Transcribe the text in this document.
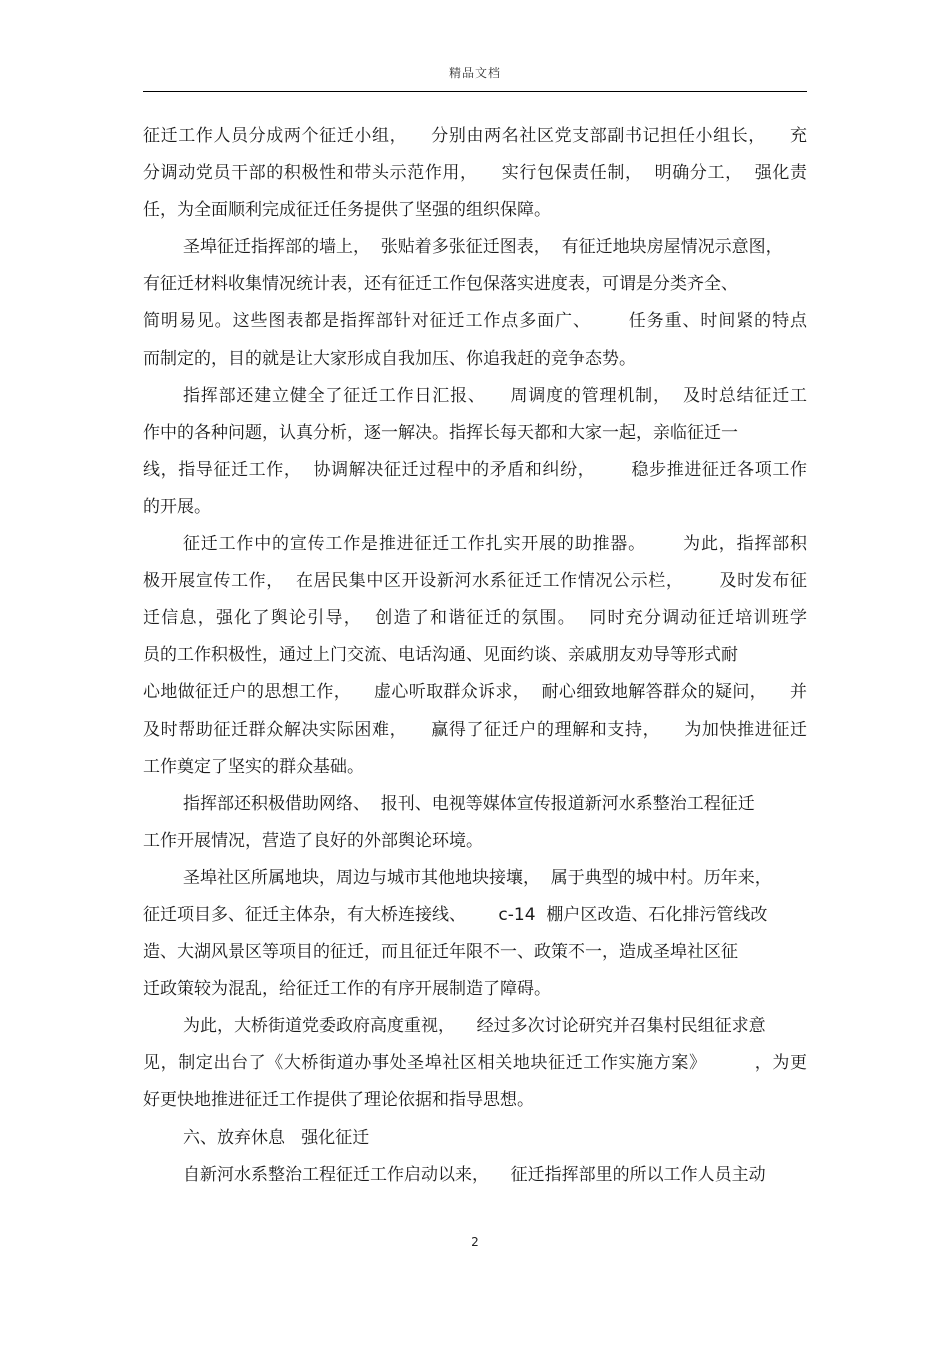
精品文档
征迁工作人员分成两个征迁小组，    分别由两名社区党支部副书记担任小组长，    充
分调动党员干部的积极性和带头示范作用，    实行包保责任制，  明确分工，  强化责
任，为全面顺利完成征迁任务提供了坚强的组织保障。
圣埠征迁指挥部的墙上，  张贴着多张征迁图表，  有征迁地块房屋情况示意图，
有征迁材料收集情况统计表，还有征迁工作包保落实进度表，可谓是分类齐全、
简明易见。这些图表都是指挥部针对征迁工作点多面广、      任务重、时间紧的特点
而制定的，目的就是让大家形成自我加压、你追我赶的竞争态势。
指挥部还建立健全了征迁工作日汇报、    周调度的管理机制，  及时总结征迁工
作中的各种问题，认真分析，逐一解决。指挥长每天都和大家一起，亲临征迁一
线，指导征迁工作，  协调解决征迁过程中的矛盾和纠纷，      稳步推进征迁各项工作
的开展。
征迁工作中的宣传工作是推进征迁工作扎实开展的助推器。      为此，指挥部积
极开展宣传工作，  在居民集中区开设新河水系征迁工作情况公示栏，      及时发布征
迁信息，强化了舆论引导，  创造了和谐征迁的氛围。  同时充分调动征迁培训班学
员的工作积极性，通过上门交流、电话沟通、见面约谈、亲戚朋友劝导等形式耐
心地做征迁户的思想工作，    虚心听取群众诉求，  耐心细致地解答群众的疑问，    并
及时帮助征迁群众解决实际困难，    赢得了征迁户的理解和支持，    为加快推进征迁
工作奠定了坚实的群众基础。
指挥部还积极借助网络、  报刊、电视等媒体宣传报道新河水系整治工程征迁
工作开展情况，营造了良好的外部舆论环境。
圣埠社区所属地块，周边与城市其他地块接壤，  属于典型的城中村。历年来，
征迁项目多、征迁主体杂，有大桥连接线、      c-14  棚户区改造、石化排污管线改
造、大湖风景区等项目的征迁，而且征迁年限不一、政策不一，造成圣埠社区征
迁政策较为混乱，给征迁工作的有序开展制造了障碍。
为此，大桥街道党委政府高度重视，    经过多次讨论研究并召集村民组征求意
见，制定出台了《大桥街道办事处圣埠社区相关地块征迁工作实施方案》        ，为更
好更快地推进征迁工作提供了理论依据和指导思想。
六、放弃休息   强化征迁
自新河水系整治工程征迁工作启动以来，    征迁指挥部里的所以工作人员主动
2
